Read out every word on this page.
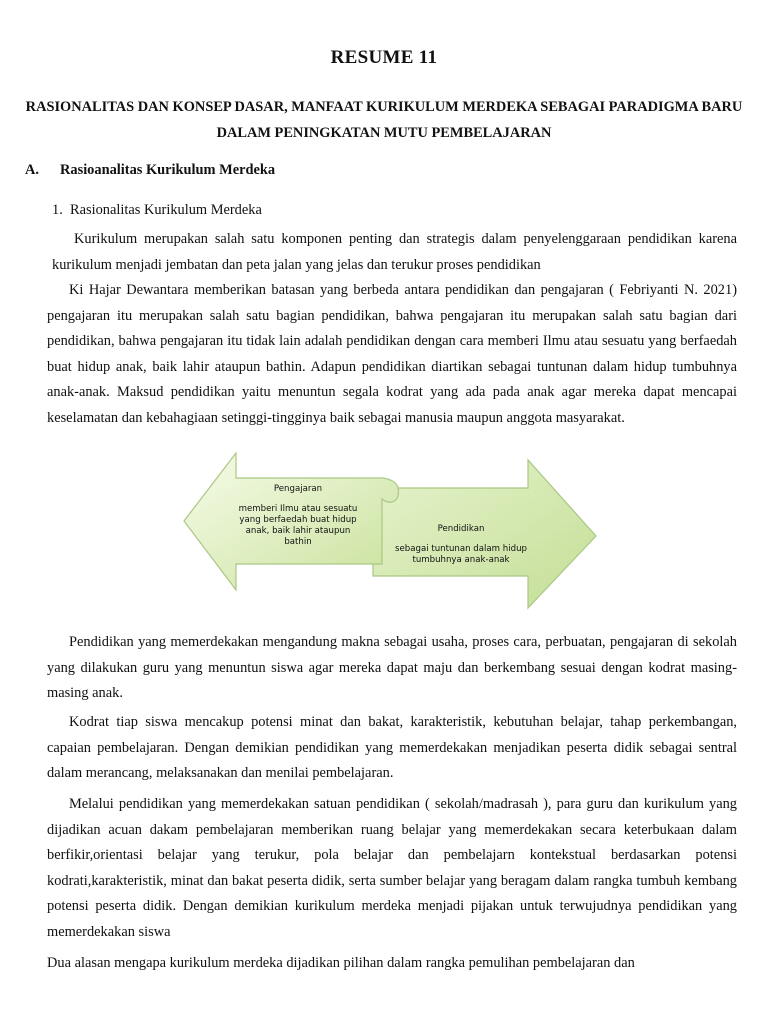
RESUME 11
RASIONALITAS DAN KONSEP DASAR, MANFAAT KURIKULUM MERDEKA SEBAGAI PARADIGMA BARU DALAM PENINGKATAN MUTU PEMBELAJARAN
A. Rasioanalitas Kurikulum Merdeka
1. Rasionalitas Kurikulum Merdeka
Kurikulum merupakan salah satu komponen penting dan strategis dalam penyelenggaraan pendidikan karena kurikulum menjadi jembatan dan peta jalan yang jelas dan terukur proses pendidikan
Ki Hajar Dewantara memberikan batasan yang berbeda antara pendidikan dan pengajaran ( Febriyanti N. 2021) pengajaran itu merupakan salah satu bagian pendidikan, bahwa pengajaran itu merupakan salah satu bagian dari pendidikan, bahwa pengajaran itu tidak lain adalah pendidikan dengan cara memberi Ilmu atau sesuatu yang berfaedah buat hidup anak, baik lahir ataupun bathin. Adapun pendidikan diartikan sebagai tuntunan dalam hidup tumbuhnya anak-anak. Maksud pendidikan yaitu menuntun segala kodrat yang ada pada anak agar mereka dapat mencapai keselamatan dan kebahagiaan setinggi-tingginya baik sebagai manusia maupun anggota masyarakat.
Pengajaran
memberi Ilmu atau sesuatu yang berfaedah buat hidup anak, baik lahir ataupun bathin
Pendidikan
sebagai tuntunan dalam hidup tumbuhnya anak-anak
Pendidikan yang memerdekakan mengandung makna sebagai usaha, proses cara, perbuatan, pengajaran di sekolah yang dilakukan guru yang menuntun siswa agar mereka dapat maju dan berkembang sesuai dengan kodrat masing-masing anak.
Kodrat tiap siswa mencakup potensi minat dan bakat, karakteristik, kebutuhan belajar, tahap perkembangan, capaian pembelajaran. Dengan demikian pendidikan yang memerdekakan menjadikan peserta didik sebagai sentral dalam merancang, melaksanakan dan menilai pembelajaran.
Melalui pendidikan yang memerdekakan satuan pendidikan ( sekolah/madrasah ), para guru dan kurikulum yang dijadikan acuan dakam pembelajaran memberikan ruang belajar yang memerdekakan secara keterbukaan dalam berfikir,orientasi belajar yang terukur, pola belajar dan pembelajarn kontekstual berdasarkan potensi kodrati,karakteristik, minat dan bakat peserta didik, serta sumber belajar yang beragam dalam rangka tumbuh kembang potensi peserta didik. Dengan demikian kurikulum merdeka menjadi pijakan untuk terwujudnya pendidikan yang memerdekakan siswa
Dua alasan mengapa kurikulum merdeka dijadikan pilihan dalam rangka pemulihan pembelajaran dan
